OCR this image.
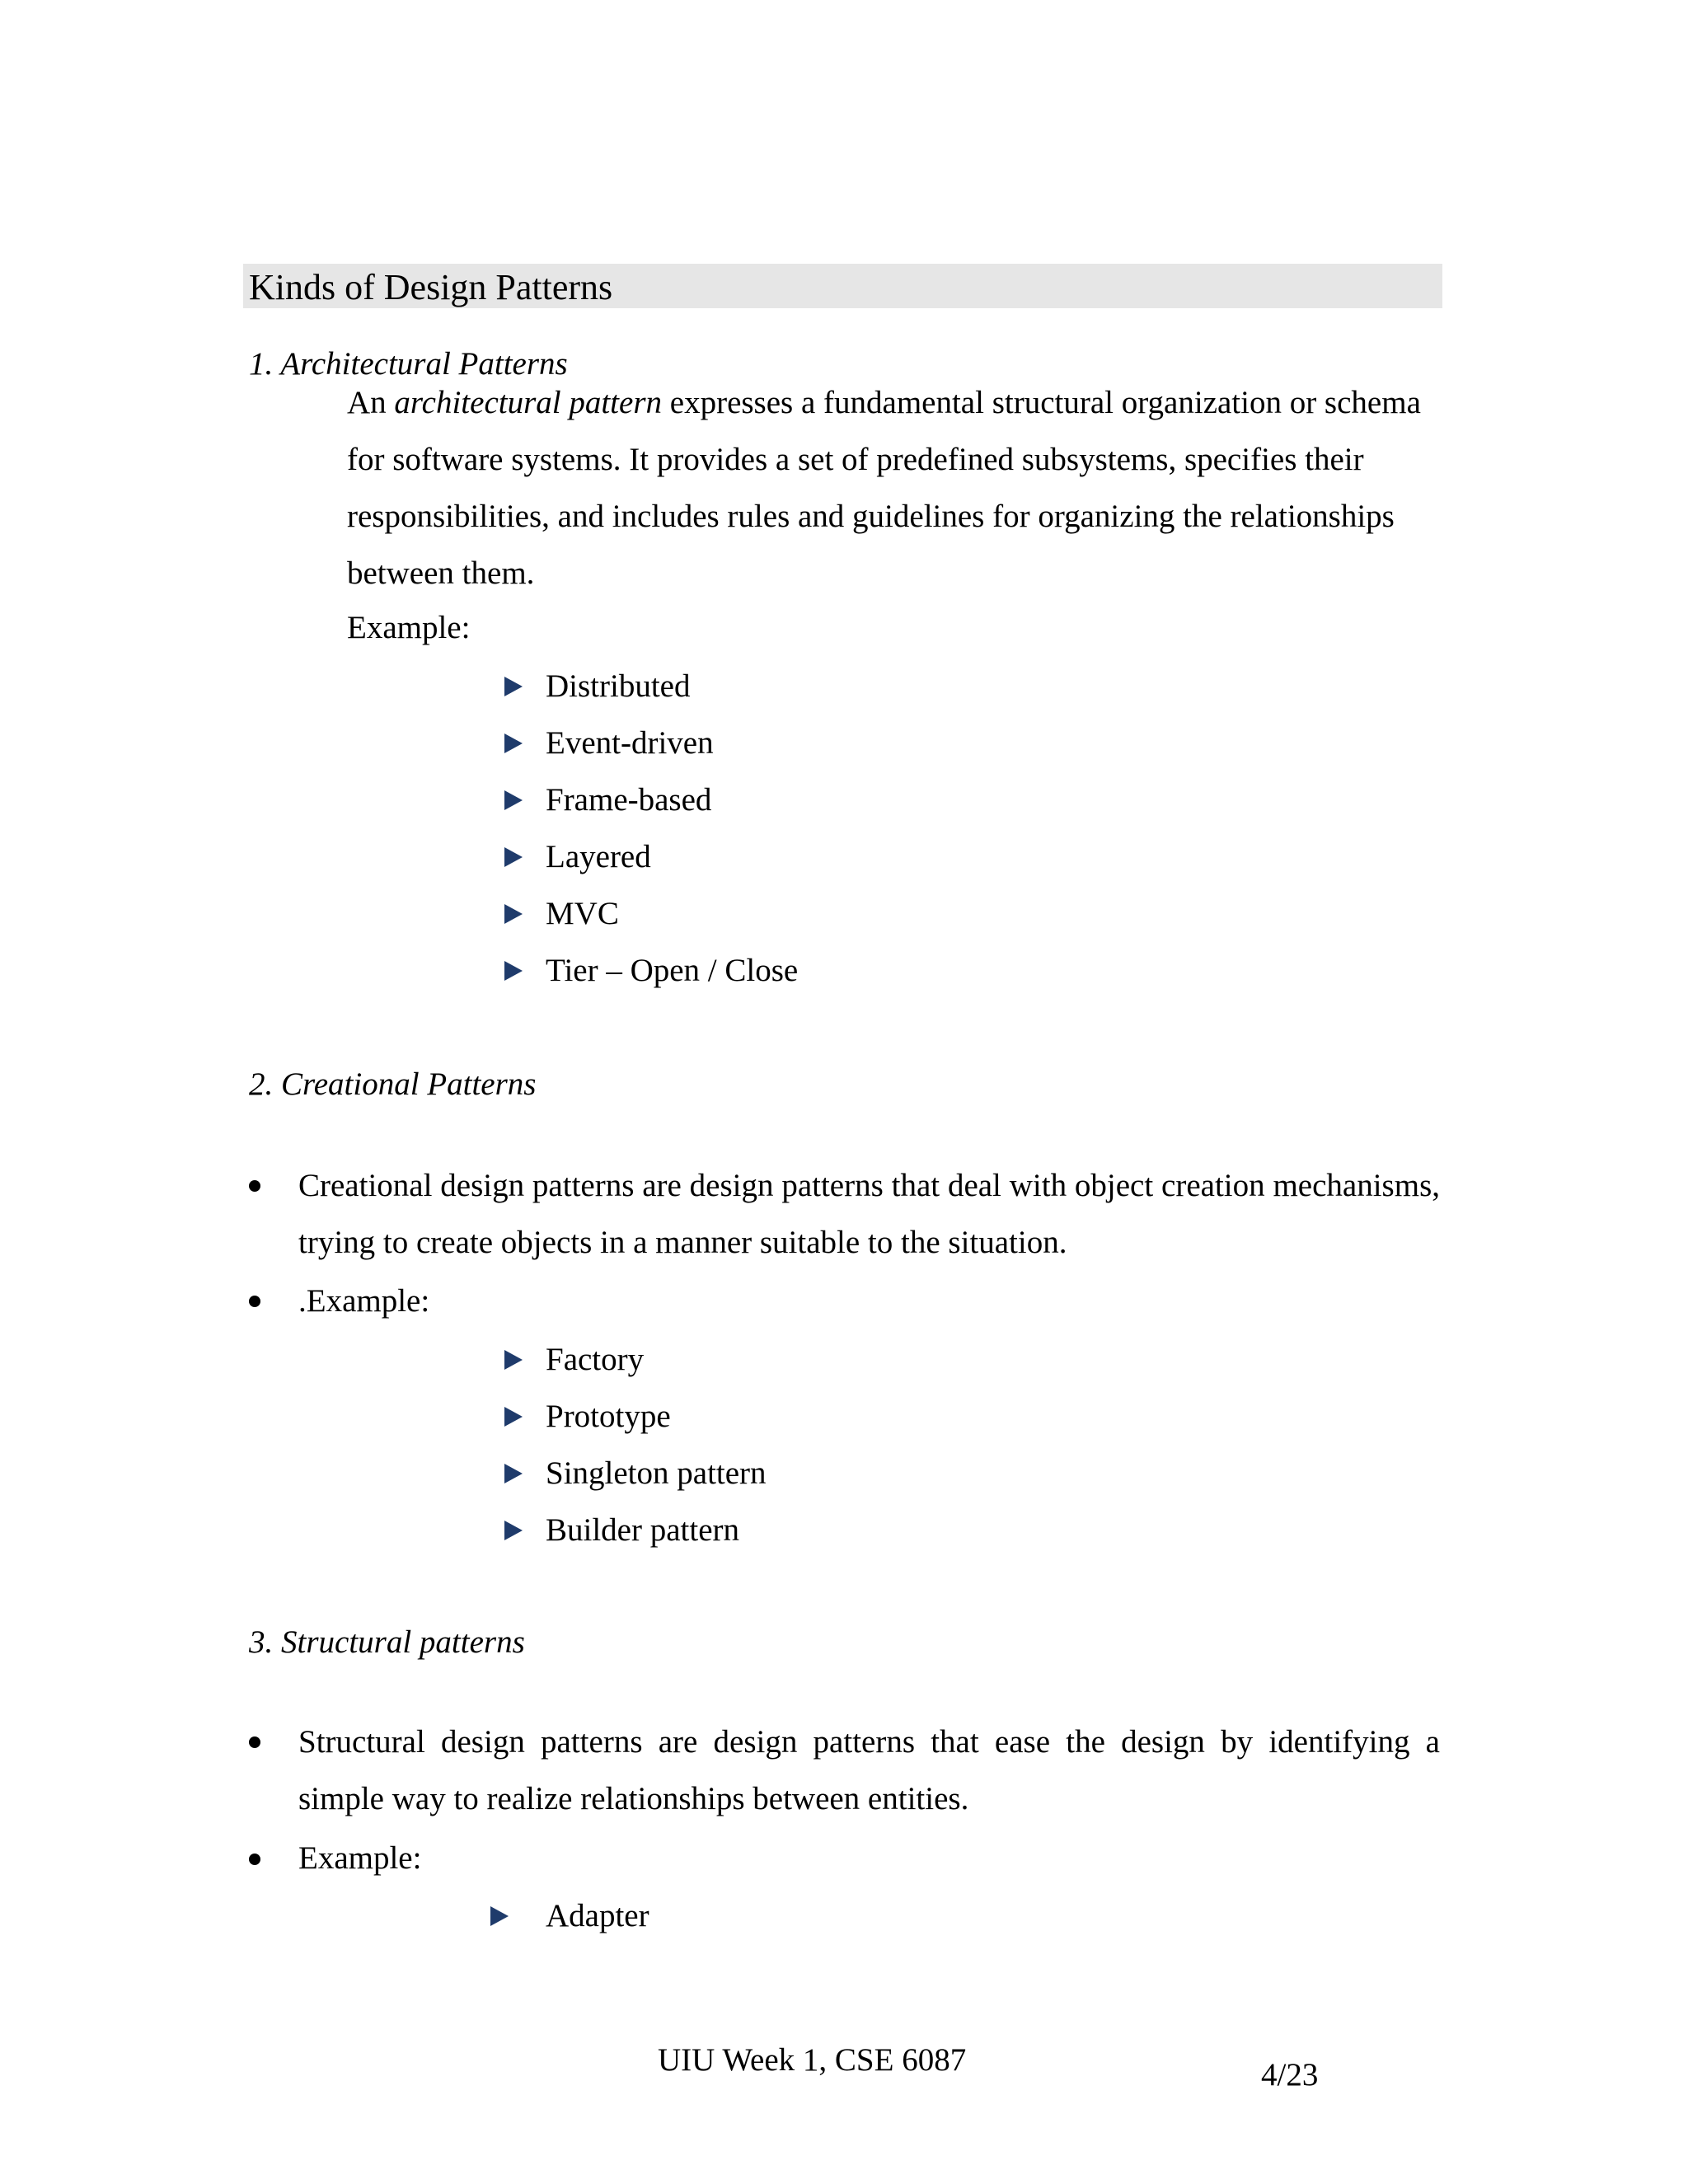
Kinds of Design Patterns
1. Architectural Patterns
An architectural pattern expresses a fundamental structural organization or schema for software systems. It provides a set of predefined subsystems, specifies their responsibilities, and includes rules and guidelines for organizing the relationships between them.
Example:
Distributed
Event-driven
Frame-based
Layered
MVC
Tier – Open / Close
2. Creational Patterns
Creational design patterns are design patterns that deal with object creation mechanisms, trying to create objects in a manner suitable to the situation.
.Example:
Factory
Prototype
Singleton pattern
Builder pattern
3. Structural patterns
Structural design patterns are design patterns that ease the design by identifying a simple way to realize relationships between entities.
Example:
Adapter
UIU Week 1, CSE 6087	4/23
